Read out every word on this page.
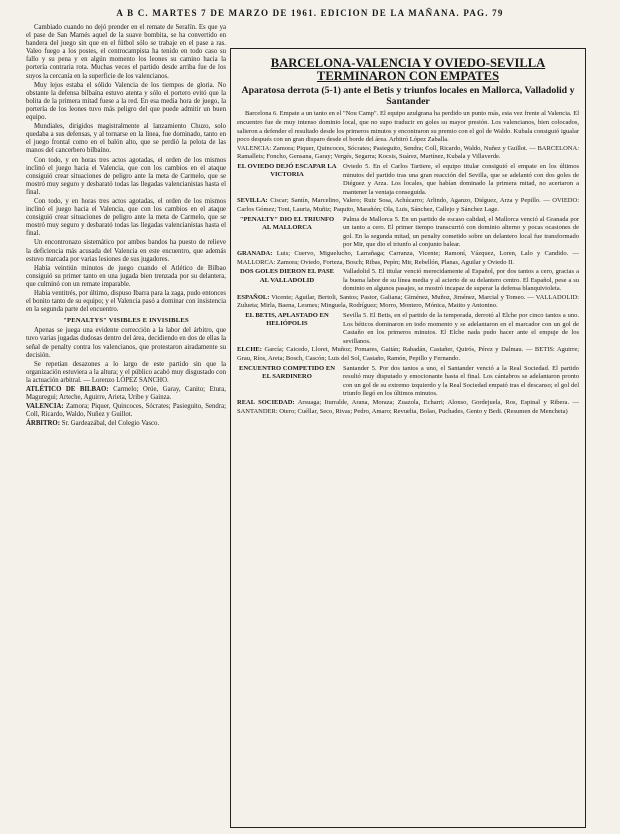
A B C. MARTES 7 DE MARZO DE 1961. EDICION DE LA MAÑANA. PAG. 79

Cambiado cuando no dejó prender en el remate de Serafín. Es que ya el pase de San Mamés aquel de la suave bombita, se ha convertido en bandera del juego sin que en el fútbol sólo se trabaje en el pase a ras. Valeo fuego a los postes, el centrocampista ha tenido en todo caso su fallo y su pena y en algún momento los leones su camino hacia la portería contraria rota. Muchas veces el partido desde arriba fue de los suyos la cercanía en la superficie de los valencianos.

Muy lejos estaba el sólido Valencia de los tiempos de gloria. No obstante la defensa bilbaína estuvo atenta y sólo el portero evitó que la bolita de la primera mitad fuese a la red. En esa media hora de juego, la portería de los leones tuvo más peligro del que puede admitir un buen equipo.

Mundiales, dirigidos magistralmente al lanzamiento Chuzo, solo quedaba a sus defensas, y al tornarse en la línea, fue dominado, tanto en el juego frontal como en el balón alto, que se perdió la pelota de las manos del cancerbero bilbaíno.

Con todo, y en horas tres actos agotadas, el orden de los mismos inclinó el juego hacia el Valencia, que con los cambios en el ataque consiguió crear situaciones de peligro ante la meta de Carmelo, que se mostró muy seguro y desbarató todas las llegadas valencianistas hasta el final.

Con todo, y en horas tres actos agotadas, el orden de los mismos inclinó el juego hacia el Valencia, que con los cambios en el ataque consiguió crear situaciones de peligro ante la meta de Carmelo, que se mostró muy seguro y desbarató todas las llegadas valencianistas hasta el final.

Un encontronazo sistemático por ambos bandos ha puesto de relieve la deficiencia más acusada del Valencia en este encuentro, que además estuvo marcada por varias lesiones de sus jugadores.

Había veintiún minutos de juego cuando el Atlético de Bilbao consiguió su primer tanto en una jugada bien trenzada por su delantera, que culminó con un remate imparable.

Había ventitrés, por último, dispuso Ibarra para la zaga, pudo entonces el bonito tanto de su equipo; y el Valencia pasó a dominar con insistencia en la segunda parte del encuentro.

"PENALTYS" VISIBLES E INVISIBLES

Apenas se juega una evidente corrección a la labor del árbitro, que tuvo varias jugadas dudosas dentro del área, decidiendo en dos de ellas la señal de penalty contra los valencianos, que protestaron airadamente su decisión.

Se repetían desazones a lo largo de este partido sin que la organización estuviera a la altura; y el público acabó muy disgustado con la actuación arbitral. — Lorenzo LÓPEZ SANCHO.

ATLÉTICO DE BILBAO: Carmelo; Orúe, Garay, Canito; Etura, Maguregui; Arteche, Aguirre, Arieta, Uribe y Gainza.

VALENCIA: Zamora; Piquer, Quincoces, Sócrates; Pasieguito, Sendra; Coll, Ricardo, Waldo, Nuñez y Guillot.

ÁRBITRO: Sr. Gardeazábal, del Colegio Vasco.

BARCELONA-VALENCIA Y OVIEDO-SEVILLA TERMINARON CON EMPATES
Aparatosa derrota (5-1) ante el Betis y triunfos locales en Mallorca, Valladolid y Santander

Barcelona 6. Empate a un tanto en el "Nou Camp". El equipo azulgrana ha perdido un punto más, esta vez frente al Valencia. El encuentro fue de muy intenso dominio local, que no supo traducir en goles su mayor presión. Los valencianos, bien colocados, salieron a defender el resultado desde los primeros minutos y encontraron su premio con el gol de Waldo. Kubala consiguió igualar poco después con un gran disparo desde el borde del área. Arbitró López Zaballa.

VALENCIA: Zamora; Piquer, Quincoces, Sócrates; Pasieguito, Sendra; Coll, Ricardo, Waldo, Nuñez y Guillot. — BARCELONA: Ramallets; Foncho, Gensana, Garay; Vergés, Segarra; Kocsis, Suárez, Martínez, Kubala y Villaverde.

EL OVIEDO DEJÓ ESCAPAR LA VICTORIA

Oviedo 5. En el Carlos Tartiere, el equipo titular consiguió el empate en los últimos minutos del partido tras una gran reacción del Sevilla, que se adelantó con dos goles de Diéguez y Arza. Los locales, que habían dominado la primera mitad, no acertaron a mantener la ventaja conseguida.

SEVILLA: Ciscar; Santín, Marcelino, Valero; Ruiz Sosa, Achúcarro; Arlindo, Aganzo, Diéguez, Arza y Pepillo. — OVIEDO: Carlos Gómez; Toni, Lauria, Muñiz; Paquito, Marañón; Ola, Luis, Sánchez, Callejo y Sánchez Lage.

"PENALTY" DIO EL TRIUNFO AL MALLORCA

Palma de Mallorca 5. En un partido de escaso calidad, el Mallorca venció al Granada por un tanto a cero. El primer tiempo transcurrió con dominio alterno y pocas ocasiones de gol. En la segunda mitad, un penalty cometido sobre un delantero local fue transformado por Mir, que dio el triunfo al conjunto balear.

GRANADA: Luis; Cuervo, Miguelucho, Larrañaga; Carranza, Vicente; Ramoní, Vázquez, Loren, Lalo y Candido. — MALLORCA: Zamora; Oviedo, Forteza, Bosch; Ribas, Pepín; Mir, Rebellón, Planas, Aguilar y Oviedo II.

DOS GOLES DIERON EL PASE AL VALLADOLID

Valladolid 5. El titular venció merecidamente al Español, por dos tantos a cero, gracias a la buena labor de su línea media y al acierto de su delantero centro. El Español, pese a su dominio en algunos pasajes, se mostró incapaz de superar la defensa blanquivioleta.

ESPAÑOL: Vicente; Aguilar, Bertoli, Santos; Pastor, Galiana; Giménez, Muñoz, Jiménez, Marcial y Tomeo. — VALLADOLID: Zulueta; Mirla, Baena, Lesmes; Minguela, Rodríguez; Morro, Montero, Mónica, Matito y Antonino.

EL BETIS, APLASTADO EN HELIÓPOLIS

Sevilla 5. El Betis, en el partido de la temporada, derrotó al Elche por cinco tantos a uno. Los béticos dominaron en todo momento y se adelantaron en el marcador con un gol de Castaño en los primeros minutos. El Elche nada pudo hacer ante el empuje de los sevillanos.

ELCHE: García; Caicedo, Lloret, Muñoz; Pomares, Gaitán; Rabadán, Castañer, Quirós, Pérez y Dalmau. — BETIS: Aguirre; Grau, Ríos, Areta; Bosch, Cascón; Luis del Sol, Castaño, Ramón, Pepillo y Fernando.

ENCUENTRO COMPETIDO EN EL SARDINERO

Santander 5. Por dos tantos a uno, el Santander venció a la Real Sociedad. El partido resultó muy disputado y emocionante hasta el final. Los cántabros se adelantaron pronto con un gol de su extremo izquierdo y la Real Sociedad empató tras el descanso; el gol del triunfo llegó en los últimos minutos.

REAL SOCIEDAD: Arsuaga; Iturralde, Arana, Moraza; Zuazola, Echarri; Alonso, Gordejuela, Ros, Espinal y Ribera. — SANTANDER: Otero; Cuéllar, Seco, Rivas; Pedro, Amaro; Revuelta, Bolao, Puchades, Gento y Bedi. (Resumen de Mencheta)
